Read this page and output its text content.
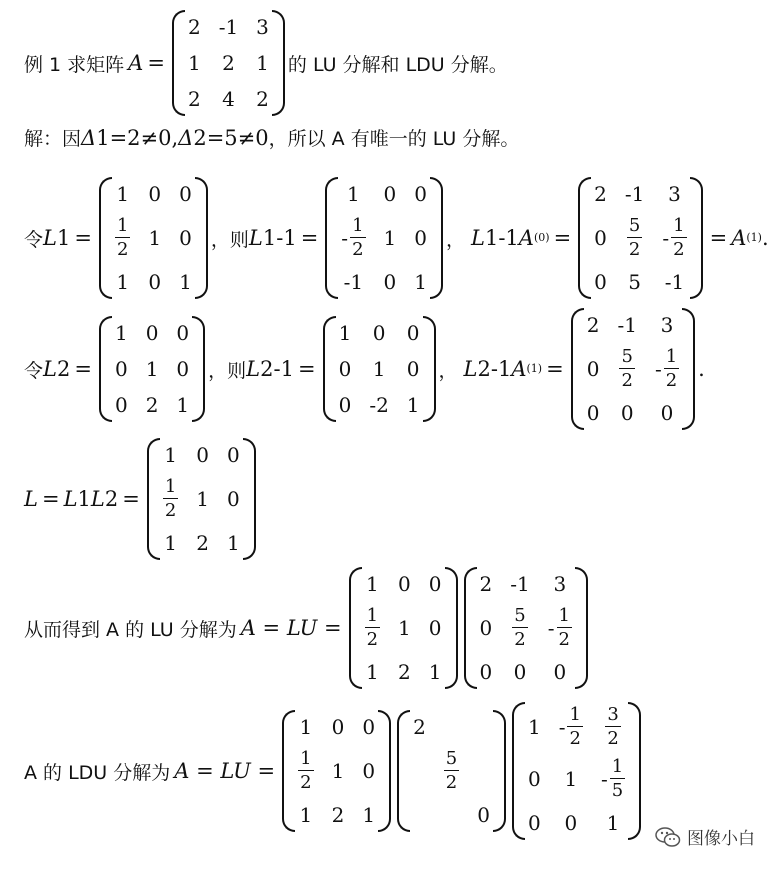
例 1 求矩阵 A =
2 -1 3
1 2 1
2 4 2
的 LU 分解和 LDU 分解。
解：因 Δ 1 =2≠0, Δ 2 =5≠0 ，所以 A 有唯一的 LU 分解。
令 L 1 =
1 0 0
$\frac{1}{2} 1$ 0
1 0 1
，则 L 1 -1 =
1 0 0
- $\frac{1}{2} 1$ 0
-1 0 1
， L 1 -1 A (0) =
2 -1 3
$0 \frac{5}{2} - \frac{1}{2}$
0 5 -1
= A (1) .
令 L 2 =
1 0 0
0 1 0
0 2 1
，则 L 2 -1 =
1 0 0
0 1 0
0 -2 1
， L 2 -1 A (1) =
2 -1 3
$0 \frac{5}{2} - \frac{1}{2}$
0 0 0
.
L = L 1 L 2 =
1 0 0
$\frac{1}{2} 1$ 0
1 2 1
从而得到 A 的 LU 分解为 A = LU =
1 0 0
$\frac{1}{2} 1$ 0
1 2 1
2 -1 3
$0 \frac{5}{2} - \frac{1}{2}$
0 0 0
A 的 LDU 分解为 A = LU =
1 0 0
$\frac{1}{2} 1$ 0
1 2 1
2
$\frac{5}{2}$
0
$1 - \frac{1}{2} \frac{3}{2}$
0 $1 - \frac{1}{5}$
0 0 1
图像小白
